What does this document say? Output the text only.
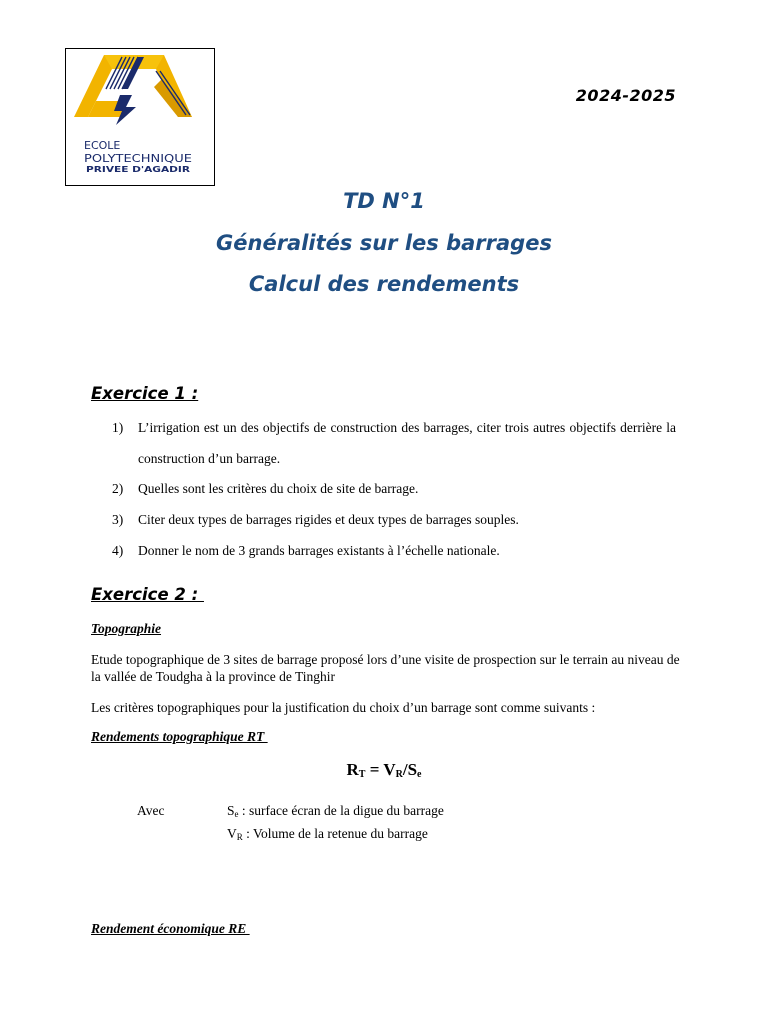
ECOLE
POLYTECHNIQUE
PRIVEE D'AGADIR
2024-2025
TD N°1
Généralités sur les barrages
Calcul des rendements
Exercice 1 :
1) L’irrigation est un des objectifs de construction des barrages, citer trois autres objectifs derrière la construction d’un barrage.
2) Quelles sont les critères du choix de site de barrage.
3) Citer deux types de barrages rigides et deux types de barrages souples.
4) Donner le nom de 3 grands barrages existants à l’échelle nationale.
Exercice 2 :
Topographie
Etude topographique de 3 sites de barrage proposé lors d’une visite de prospection sur le terrain au niveau de la vallée de Toudgha à la province de Tinghir
Les critères topographiques pour la justification du choix d’un barrage sont comme suivants :
Rendements topographique RT
$R_T = V_R/S_e$
Avec	$S_e$ : surface écran de la digue du barrage
$V_R$ : Volume de la retenue du barrage
Rendement économique RE
